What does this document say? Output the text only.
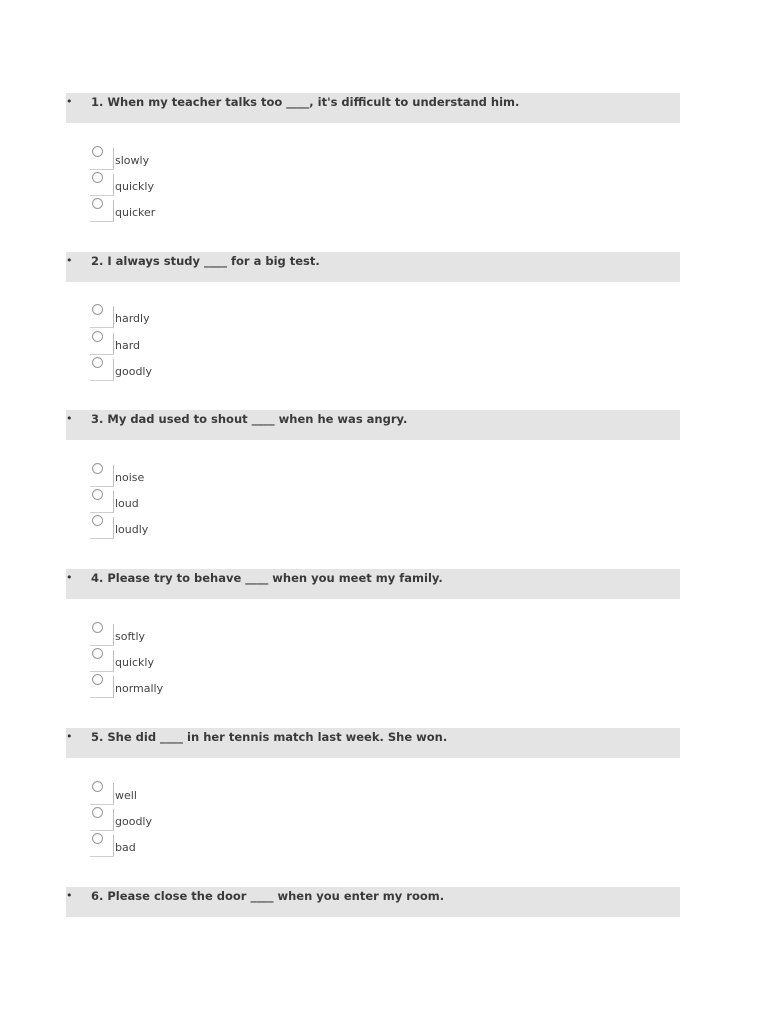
• 1. When my teacher talks too ____, it's difficult to understand him.
slowly
quickly
quicker
• 2. I always study ____ for a big test.
hardly
hard
goodly
• 3. My dad used to shout ____ when he was angry.
noise
loud
loudly
• 4. Please try to behave ____ when you meet my family.
softly
quickly
normally
• 5. She did ____ in her tennis match last week. She won.
well
goodly
bad
• 6. Please close the door ____ when you enter my room.
